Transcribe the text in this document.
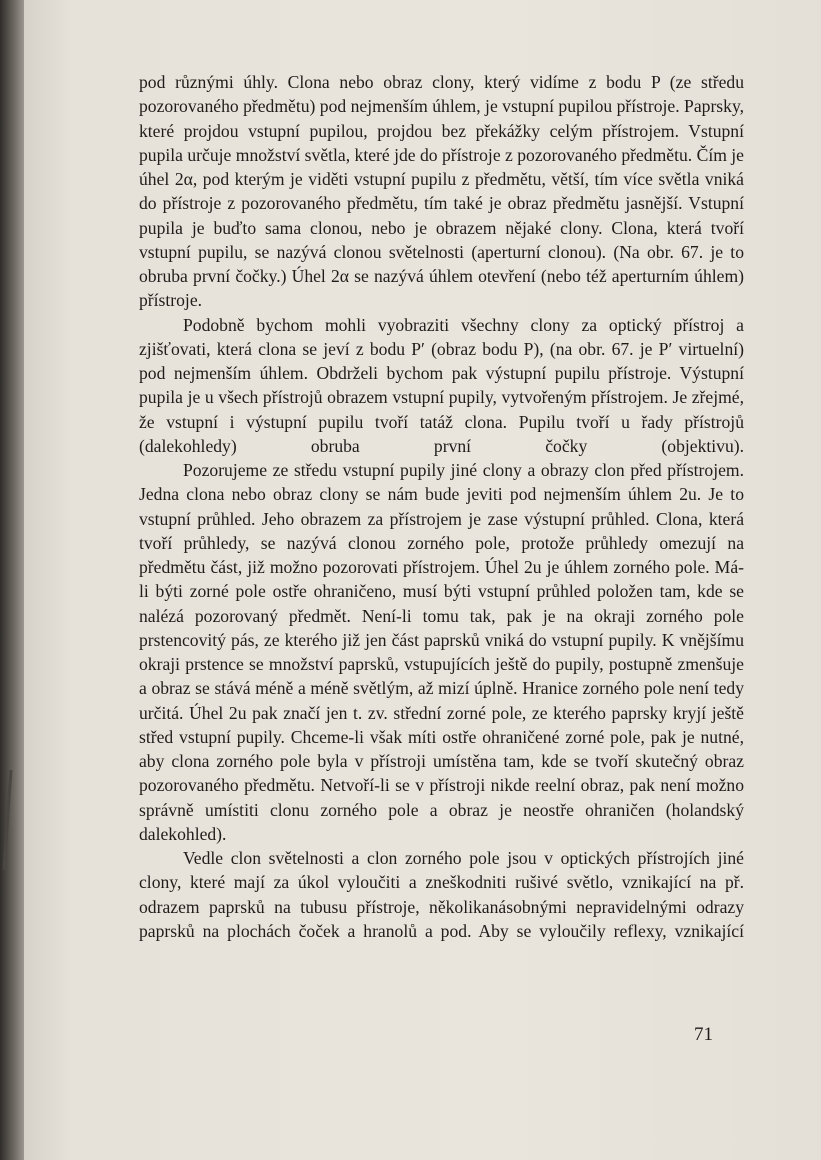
pod různými úhly. Clona nebo obraz clony, který vidíme z bodu P (ze středu pozorovaného předmětu) pod nejmenším úhlem, je vstupní pupilou přístroje. Paprsky, které projdou vstupní pupilou, projdou bez překážky celým přístrojem. Vstupní pupila určuje množství světla, které jde do přístroje z pozorovaného předmětu. Čím je úhel 2α, pod kterým je viděti vstupní pupilu z předmětu, větší, tím více světla vniká do přístroje z pozorovaného předmětu, tím také je obraz předmětu jasnější. Vstupní pupila je buďto sama clonou, nebo je obrazem nějaké clony. Clona, která tvoří vstupní pupilu, se nazývá clonou světelnosti (aperturní clonou). (Na obr. 67. je to obruba první čočky.) Úhel 2α se nazývá úhlem otevření (nebo též aperturním úhlem) přístroje.

Podobně bychom mohli vyobraziti všechny clony za optický přístroj a zjišťovati, která clona se jeví z bodu P′ (obraz bodu P), (na obr. 67. je P′ virtuelní) pod nejmenším úhlem. Obdrželi bychom pak výstupní pupilu přístroje. Výstupní pupila je u všech přístrojů obrazem vstupní pupily, vytvořeným přístrojem. Je zřejmé, že vstupní i výstupní pupilu tvoří tatáž clona. Pupilu tvoří u řady přístrojů (dalekohledy) obruba první čočky (objektivu).

Pozorujeme ze středu vstupní pupily jiné clony a obrazy clon před přístrojem. Jedna clona nebo obraz clony se nám bude jeviti pod nejmenším úhlem 2u. Je to vstupní průhled. Jeho obrazem za přístrojem je zase výstupní průhled. Clona, která tvoří průhledy, se nazývá clonou zorného pole, protože průhledy omezují na předmětu část, již možno pozorovati přístrojem. Úhel 2u je úhlem zorného pole. Má-li býti zorné pole ostře ohraničeno, musí býti vstupní průhled položen tam, kde se nalézá pozorovaný předmět. Není-li tomu tak, pak je na okraji zorného pole prstencovitý pás, ze kterého již jen část paprsků vniká do vstupní pupily. K vnějšímu okraji prstence se množství paprsků, vstupujících ještě do pupily, postupně zmenšuje a obraz se stává méně a méně světlým, až mizí úplně. Hranice zorného pole není tedy určitá. Úhel 2u pak značí jen t. zv. střední zorné pole, ze kterého paprsky kryjí ještě střed vstupní pupily. Chceme-li však míti ostře ohraničené zorné pole, pak je nutné, aby clona zorného pole byla v přístroji umístěna tam, kde se tvoří skutečný obraz pozorovaného předmětu. Netvoří-li se v přístroji nikde reelní obraz, pak není možno správně umístiti clonu zorného pole a obraz je neostře ohraničen (holandský dalekohled).

Vedle clon světelnosti a clon zorného pole jsou v optických přístrojích jiné clony, které mají za úkol vyloučiti a zneškodniti rušivé světlo, vznikající na př. odrazem paprsků na tubusu přístroje, několikanásobnými nepravidelnými odrazy paprsků na plochách čoček a hranolů a pod. Aby se vyloučily reflexy, vznikající

71
